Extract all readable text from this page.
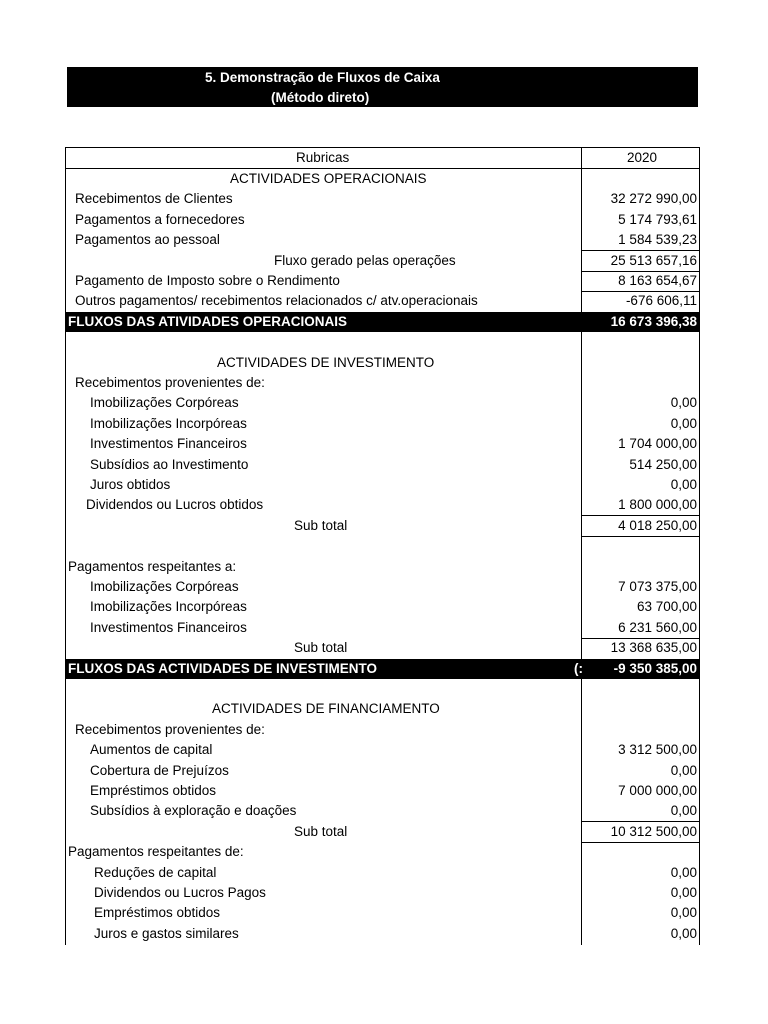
5. Demonstração de Fluxos de Caixa
(Método direto)
Rubricas	2020
ACTIVIDADES OPERACIONAIS
Recebimentos de Clientes	32 272 990,00
Pagamentos a fornecedores	5 174 793,61
Pagamentos ao pessoal	1 584 539,23
Fluxo gerado pelas operações	25 513 657,16
Pagamento de Imposto sobre o Rendimento	8 163 654,67
Outros pagamentos/ recebimentos relacionados c/ atv.operacionais	-676 606,11
FLUXOS DAS ATIVIDADES OPERACIONAIS	16 673 396,38
ACTIVIDADES DE INVESTIMENTO
Recebimentos provenientes de:
Imobilizações Corpóreas	0,00
Imobilizações Incorpóreas	0,00
Investimentos Financeiros	1 704 000,00
Subsídios ao Investimento	514 250,00
Juros obtidos	0,00
Dividendos ou Lucros obtidos	1 800 000,00
Sub total	4 018 250,00
Pagamentos respeitantes a:
Imobilizações Corpóreas	7 073 375,00
Imobilizações Incorpóreas	63 700,00
Investimentos Financeiros	6 231 560,00
Sub total	13 368 635,00
FLUXOS DAS ACTIVIDADES DE INVESTIMENTO	(: -9 350 385,00
ACTIVIDADES DE FINANCIAMENTO
Recebimentos provenientes de:
Aumentos de capital	3 312 500,00
Cobertura de Prejuízos	0,00
Empréstimos obtidos	7 000 000,00
Subsídios à exploração e doações	0,00
Sub total	10 312 500,00
Pagamentos respeitantes de:
Reduções de capital	0,00
Dividendos ou Lucros Pagos	0,00
Empréstimos obtidos	0,00
Juros e gastos similares	0,00
